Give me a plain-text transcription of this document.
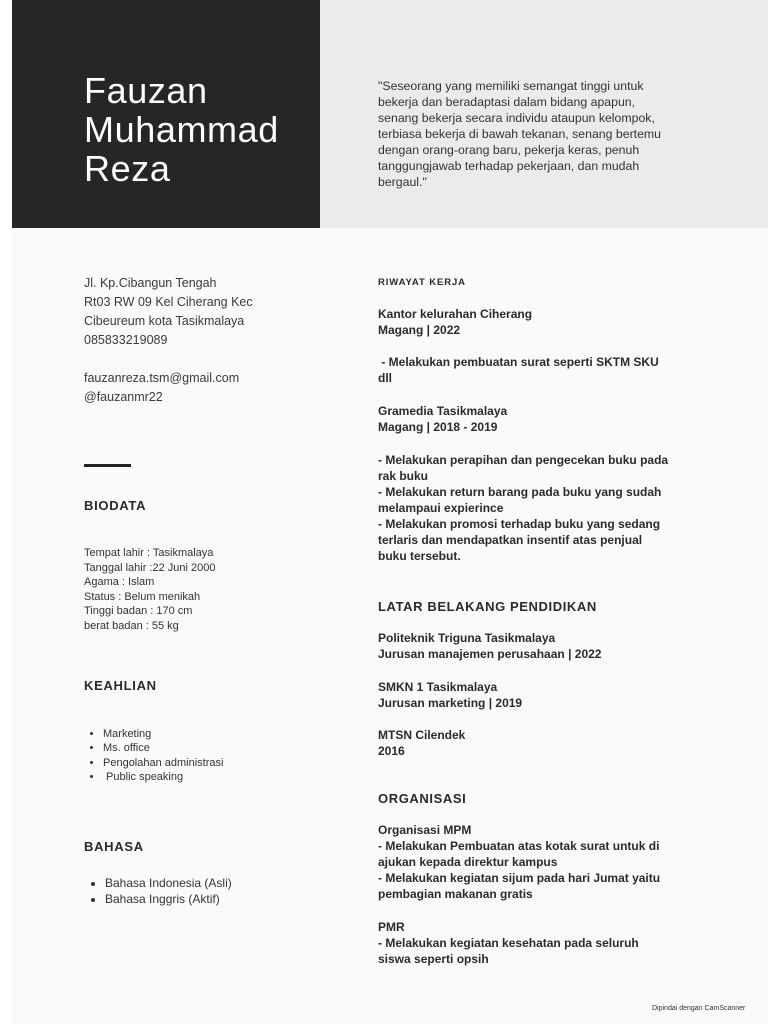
Fauzan
Muhammad
Reza
"Seseorang yang memiliki semangat tinggi untuk
bekerja dan beradaptasi dalam bidang apapun,
senang bekerja secara individu ataupun kelompok,
terbiasa bekerja di bawah tekanan, senang bertemu
dengan orang-orang baru, pekerja keras, penuh
tanggungjawab terhadap pekerjaan, dan mudah
bergaul."
Jl. Kp.Cibangun Tengah
Rt03 RW 09 Kel Ciherang Kec
Cibeureum kota Tasikmalaya
085833219089
fauzanreza.tsm@gmail.com
@fauzanmr22
BIODATA
Tempat lahir : Tasikmalaya
Tanggal lahir :22 Juni 2000
Agama : Islam
Status : Belum menikah
Tinggi badan : 170 cm
berat badan : 55 kg
KEAHLIAN
• Marketing
• Ms. office
• Pengolahan administrasi
•  Public speaking
BAHASA
• Bahasa Indonesia (Asli)
• Bahasa Inggris (Aktif)
RIWAYAT KERJA
Kantor kelurahan Ciherang
Magang | 2022
- Melakukan pembuatan surat seperti SKTM SKU
dll
Gramedia Tasikmalaya
Magang | 2018 - 2019
- Melakukan perapihan dan pengecekan buku pada
rak buku
- Melakukan return barang pada buku yang sudah
melampaui expierince
- Melakukan promosi terhadap buku yang sedang
terlaris dan mendapatkan insentif atas penjual
buku tersebut.
LATAR BELAKANG PENDIDIKAN
Politeknik Triguna Tasikmalaya
Jurusan manajemen perusahaan | 2022
SMKN 1 Tasikmalaya
Jurusan marketing | 2019
MTSN Cilendek
2016
ORGANISASI
Organisasi MPM
- Melakukan Pembuatan atas kotak surat untuk di
ajukan kepada direktur kampus
- Melakukan kegiatan sijum pada hari Jumat yaitu
pembagian makanan gratis
PMR
- Melakukan kegiatan kesehatan pada seluruh
siswa seperti opsih
Dipindai dengan CamScanner
